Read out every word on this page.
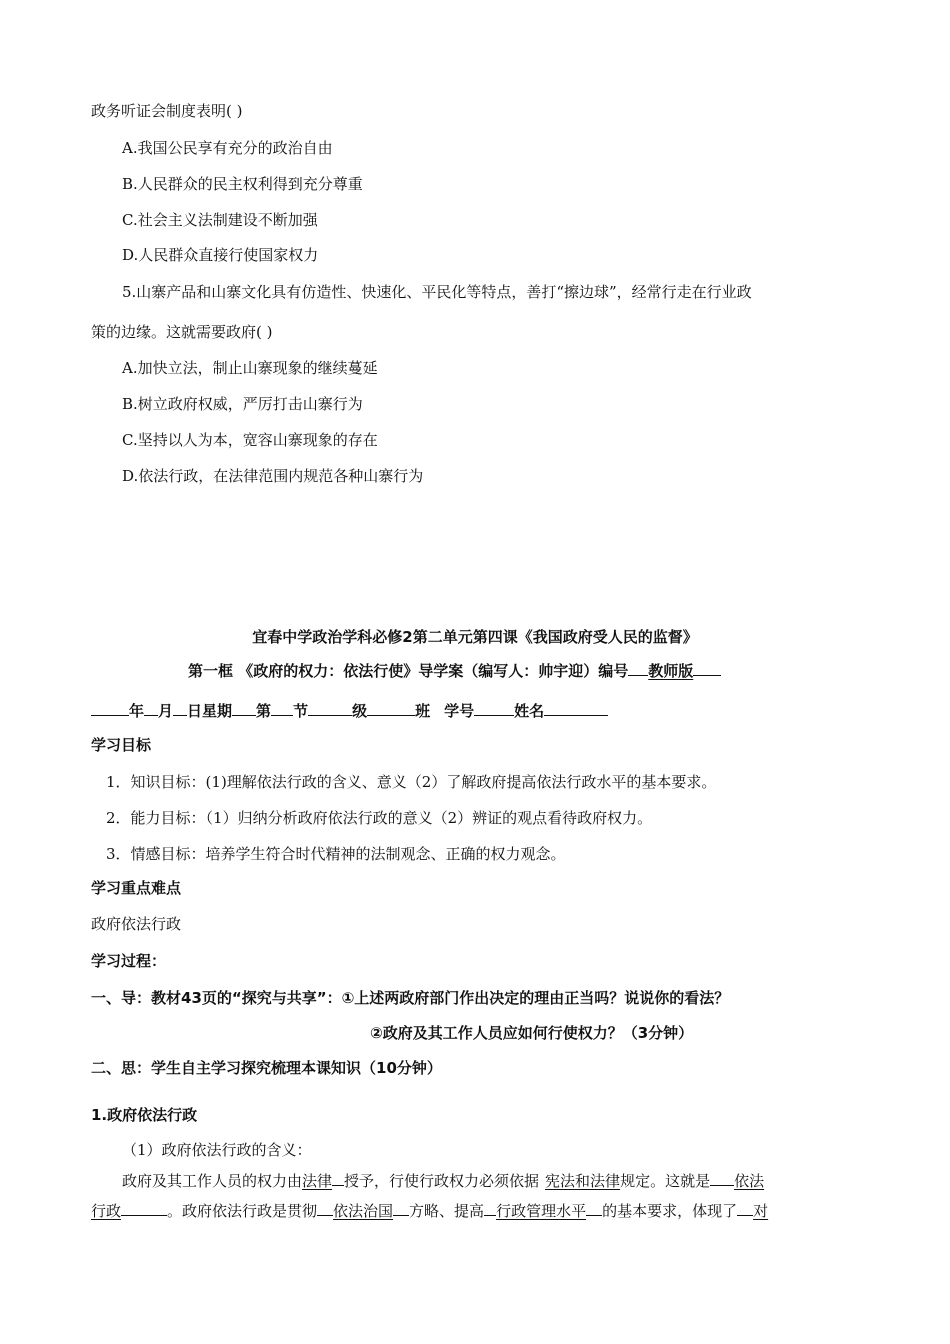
政务听证会制度表明( )
A.我国公民享有充分的政治自由
B.人民群众的民主权利得到充分尊重
C.社会主义法制建设不断加强
D.人民群众直接行使国家权力
5.山寨产品和山寨文化具有仿造性、快速化、平民化等特点，善打“擦边球”，经常行走在行业政
策的边缘。这就需要政府( )
A.加快立法，制止山寨现象的继续蔓延
B.树立政府权威，严厉打击山寨行为
C.坚持以人为本，宽容山寨现象的存在
D.依法行政，在法律范围内规范各种山寨行为
宜春中学政治学科必修2第二单元第四课《我国政府受人民的监督》
第一框 《政府的权力：依法行使》导学案（编写人：帅宇迎）编号 教师版
年 月 日星期 第 节	级	班 学号	姓名
学习目标
1．知识目标：(1)理解依法行政的含义、意义（2）了解政府提高依法行政水平的基本要求。
2．能力目标：（1）归纳分析政府依法行政的意义（2）辨证的观点看待政府权力。
3．情感目标：培养学生符合时代精神的法制观念、正确的权力观念。
学习重点难点
政府依法行政
学习过程：
一、导：教材43页的“探究与共享”：①上述两政府部门作出决定的理由正当吗？说说你的看法？
②政府及其工作人员应如何行使权力？（3分钟）
二、思：学生自主学习探究梳理本课知识（10分钟）
1.政府依法行政
（1）政府依法行政的含义：
政府及其工作人员的权力由法律 授予，行使行政权力必须依据 宪法和法律规定。这就是 依法
行政	。政府依法行政是贯彻 依法治国 方略、提高 行政管理水平 的基本要求，体现了 对
